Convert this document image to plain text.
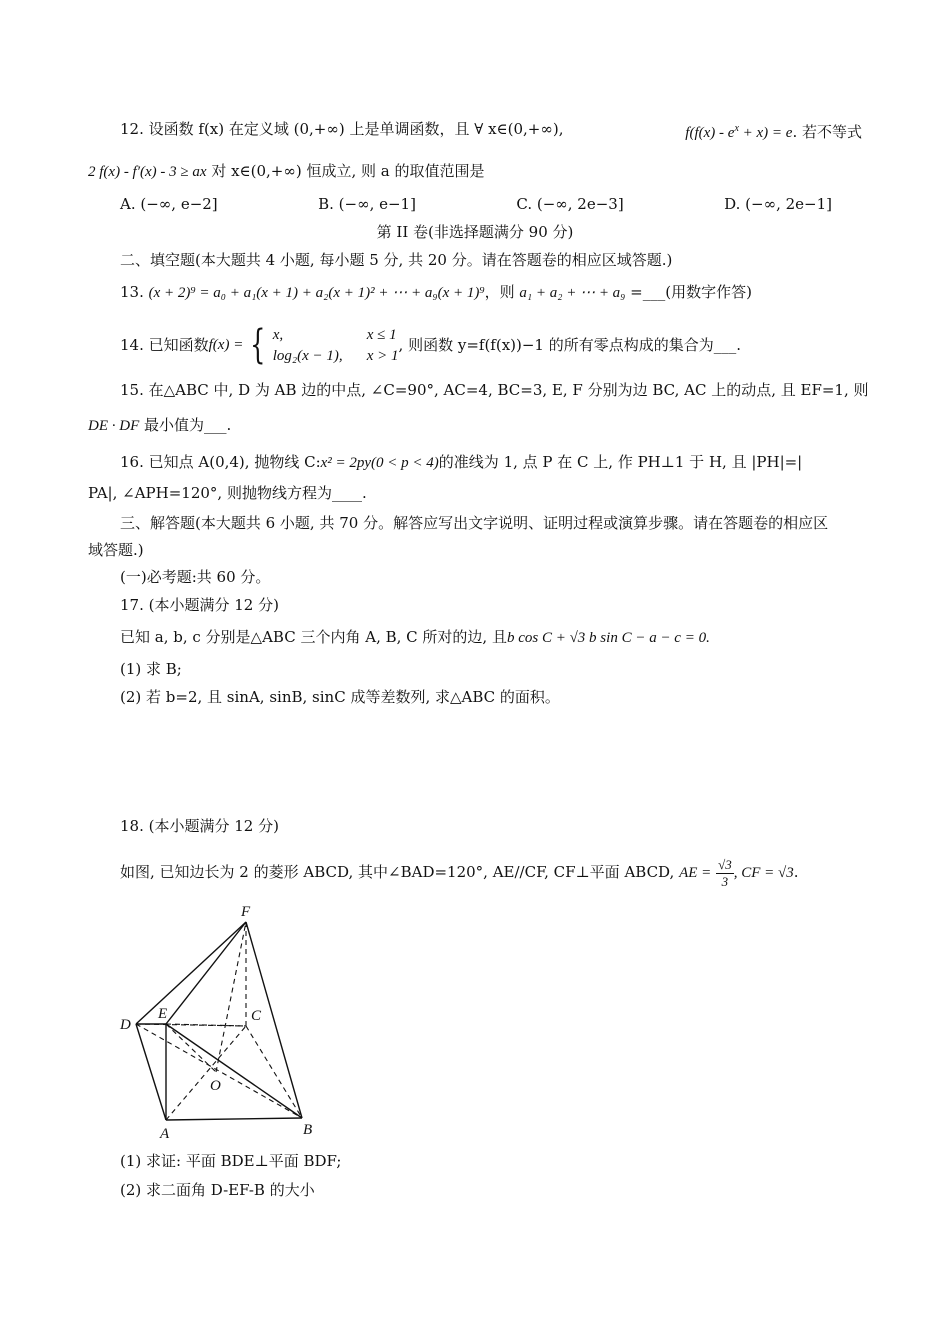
12. 设函数 f(x) 在定义域 (0,+∞) 上是单调函数，且 ∀ x∈(0,+∞),	$f(f(x) - e^x + x) = e$. 若不等式
2 f(x) - f′(x) - 3 ≥ ax 对 x∈(0,+∞) 恒成立, 则 a 的取值范围是
A. (−∞, e−2]	B. (−∞, e−1]	C. (−∞, 2e−3]	D. (−∞, 2e−1]
第 II 卷(非选择题满分 90 分)
二、填空题(本大题共 4 小题, 每小题 5 分, 共 20 分。请在答题卷的相应区域答题.)
13. (x + 2)⁹ = a₀ + a₁(x + 1) + a₂(x + 1)² + ⋯ + a₉(x + 1)⁹，则 a₁ + a₂ + ⋯ + a₉ =___(用数字作答)
14. 已知函数 f(x) = { x,	x ≤ 1
log₂(x − 1), x > 1
, 则函数 y=f(f(x))−1 的所有零点构成的集合为___.
15. 在△ABC 中, D 为 AB 边的中点, ∠C=90°, AC=4, BC=3, E, F 分别为边 BC, AC 上的动点, 且 EF=1, 则
DE · DF 最小值为___.
16. 已知点 A(0,4), 抛物线 C:x² = 2py(0 < p < 4)的准线为 1, 点 P 在 C 上, 作 PH⊥1 于 H, 且 |PH|=|
PA|, ∠APH=120°, 则抛物线方程为____.
三、解答题(本大题共 6 小题, 共 70 分。解答应写出文字说明、证明过程或演算步骤。请在答题卷的相应区
域答题.)
(一)必考题:共 60 分。
17. (本小题满分 12 分)
已知 a, b, c 分别是△ABC 三个内角 A, B, C 所对的边, 且b cos C + √3 b sin C − a − c = 0.
(1) 求 B;
(2) 若 b=2, 且 sinA, sinB, sinC 成等差数列, 求△ABC 的面积。
18. (本小题满分 12 分)
如图, 已知边长为 2 的菱形 ABCD, 其中∠BAD=120°, AE//CF, CF⊥平面 ABCD, AE = $\frac{√3}{3}$ , CF = √3.
F
E
D
C
O
A	B
(1) 求证: 平面 BDE⊥平面 BDF;
(2) 求二面角 D-EF-B 的大小
